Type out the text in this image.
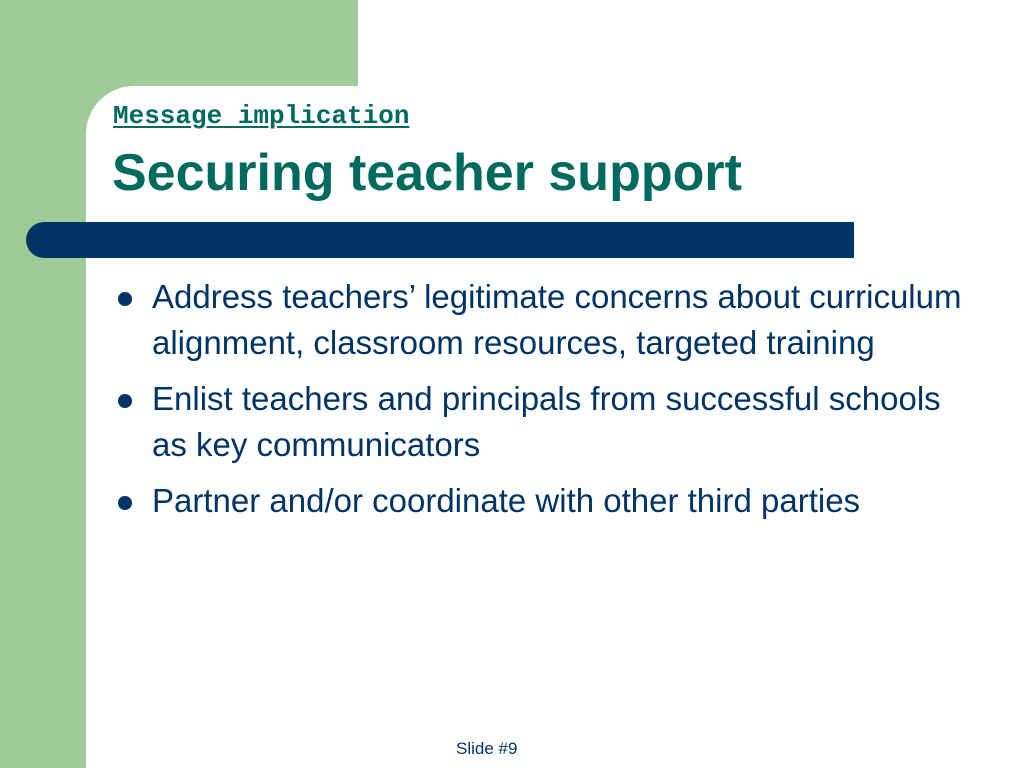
Message implication

Securing teacher support
Address teachers’ legitimate concerns about curriculum alignment, classroom resources, targeted training
Enlist teachers and principals from successful schools as key communicators
Partner and/or coordinate with other third parties

Slide #9
